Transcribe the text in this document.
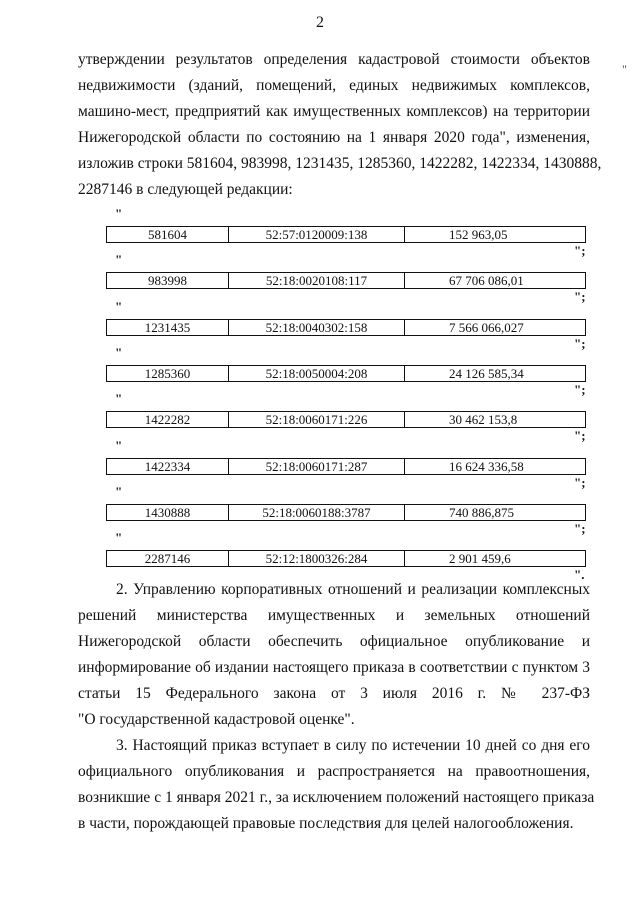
2
"
утверждении результатов определения кадастровой стоимости объектов
недвижимости (зданий, помещений, единых недвижимых комплексов,
машино-мест, предприятий как имущественных комплексов) на территории
Нижегородской области по состоянию на 1 января 2020 года", изменения,
изложив строки 581604, 983998, 1231435, 1285360, 1422282, 1422334, 1430888,
2287146 в следующей редакции:
"
581604	52:57:0120009:138	152 963,05
";
"
983998	52:18:0020108:117	67 706 086,01
";
"
1231435	52:18:0040302:158	7 566 066,027
";
"
1285360	52:18:0050004:208	24 126 585,34
";
"
1422282	52:18:0060171:226	30 462 153,8
";
"
1422334	52:18:0060171:287	16 624 336,58
";
"
1430888	52:18:0060188:3787	740 886,875
";
"
2287146	52:12:1800326:284	2 901 459,6
".
2. Управлению корпоративных отношений и реализации комплексных
решений министерства имущественных и земельных отношений
Нижегородской области обеспечить официальное опубликование и
информирование об издании настоящего приказа в соответствии с пунктом 3
статьи 15 Федерального закона от 3 июля 2016 г. № 237-ФЗ
"О государственной кадастровой оценке".
3. Настоящий приказ вступает в силу по истечении 10 дней со дня его
официального опубликования и распространяется на правоотношения,
возникшие с 1 января 2021 г., за исключением положений настоящего приказа
в части, порождающей правовые последствия для целей налогообложения.
